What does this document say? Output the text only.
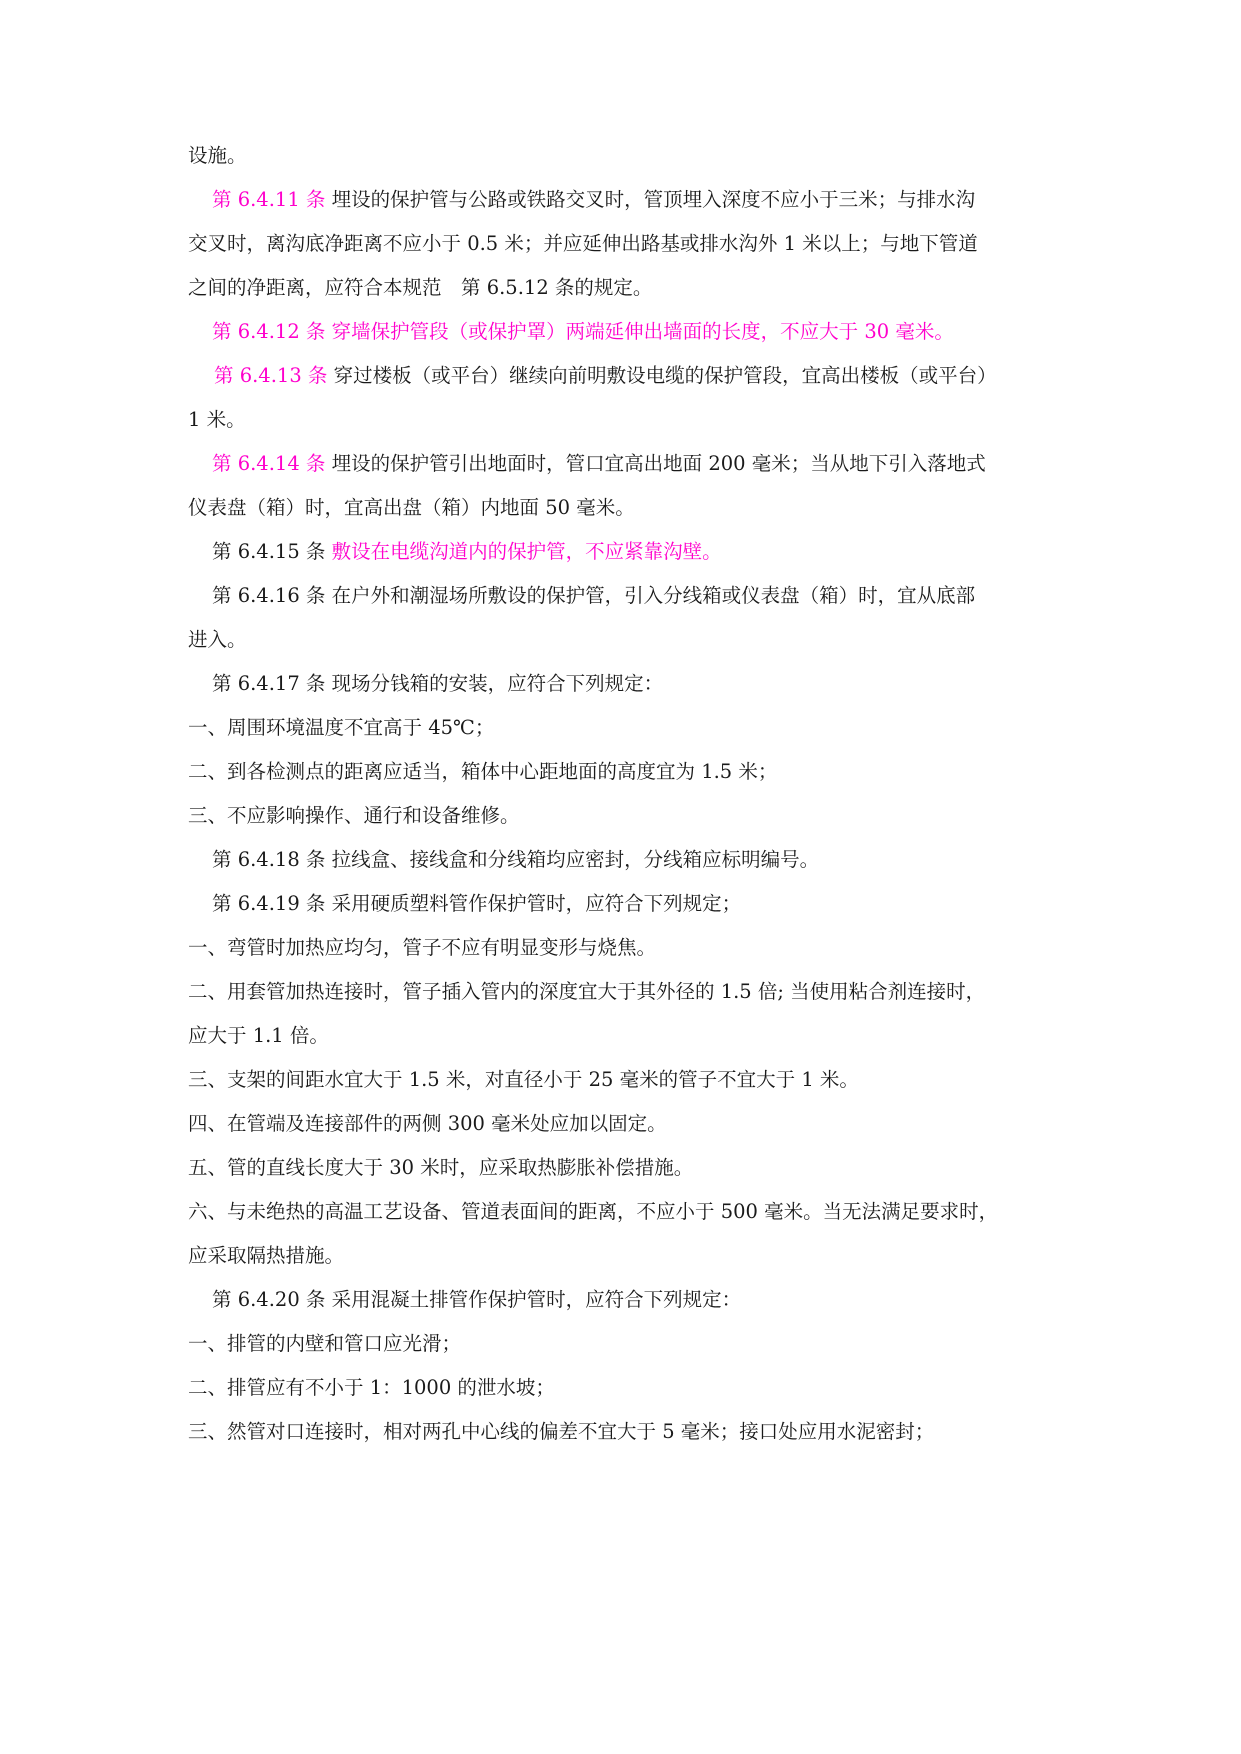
设施。
第 6.4.11 条 埋设的保护管与公路或铁路交叉时，管顶埋入深度不应小于三米；与排水沟
交叉时，离沟底净距离不应小于 0.5 米；并应延伸出路基或排水沟外 1 米以上；与地下管道
之间的净距离，应符合本规范　第 6.5.12 条的规定。
第 6.4.12 条 穿墙保护管段（或保护罩）两端延伸出墙面的长度，不应大于 30 毫米。
第 6.4.13 条 穿过楼板（或平台）继续向前明敷设电缆的保护管段，宜高出楼板（或平台）
1 米。
第 6.4.14 条 埋设的保护管引出地面时，管口宜高出地面 200 毫米；当从地下引入落地式
仪表盘（箱）时，宜高出盘（箱）内地面 50 毫米。
第 6.4.15 条 敷设在电缆沟道内的保护管，不应紧靠沟壁。
第 6.4.16 条 在户外和潮湿场所敷设的保护管，引入分线箱或仪表盘（箱）时，宜从底部
进入。
第 6.4.17 条 现场分钱箱的安装，应符合下列规定：
一、周围环境温度不宜高于 45℃；
二、到各检测点的距离应适当，箱体中心距地面的高度宜为 1.5 米；
三、不应影响操作、通行和设备维修。
第 6.4.18 条 拉线盒、接线盒和分线箱均应密封，分线箱应标明编号。
第 6.4.19 条 采用硬质塑料管作保护管时，应符合下列规定；
一、弯管时加热应均匀，管子不应有明显变形与烧焦。
二、用套管加热连接时，管子插入管内的深度宜大于其外径的 1.5 倍; 当使用粘合剂连接时，
应大于 1.1 倍。
三、支架的间距水宜大于 1.5 米，对直径小于 25 毫米的管子不宜大于 1 米。
四、在管端及连接部件的两侧 300 毫米处应加以固定。
五、管的直线长度大于 30 米时，应采取热膨胀补偿措施。
六、与未绝热的高温工艺设备、管道表面间的距离，不应小于 500 毫米。当无法满足要求时，
应采取隔热措施。
第 6.4.20 条 采用混凝土排管作保护管时，应符合下列规定：
一、排管的内壁和管口应光滑；
二、排管应有不小于 1：1000 的泄水坡；
三、然管对口连接时，相对两孔中心线的偏差不宜大于 5 毫米；接口处应用水泥密封；
